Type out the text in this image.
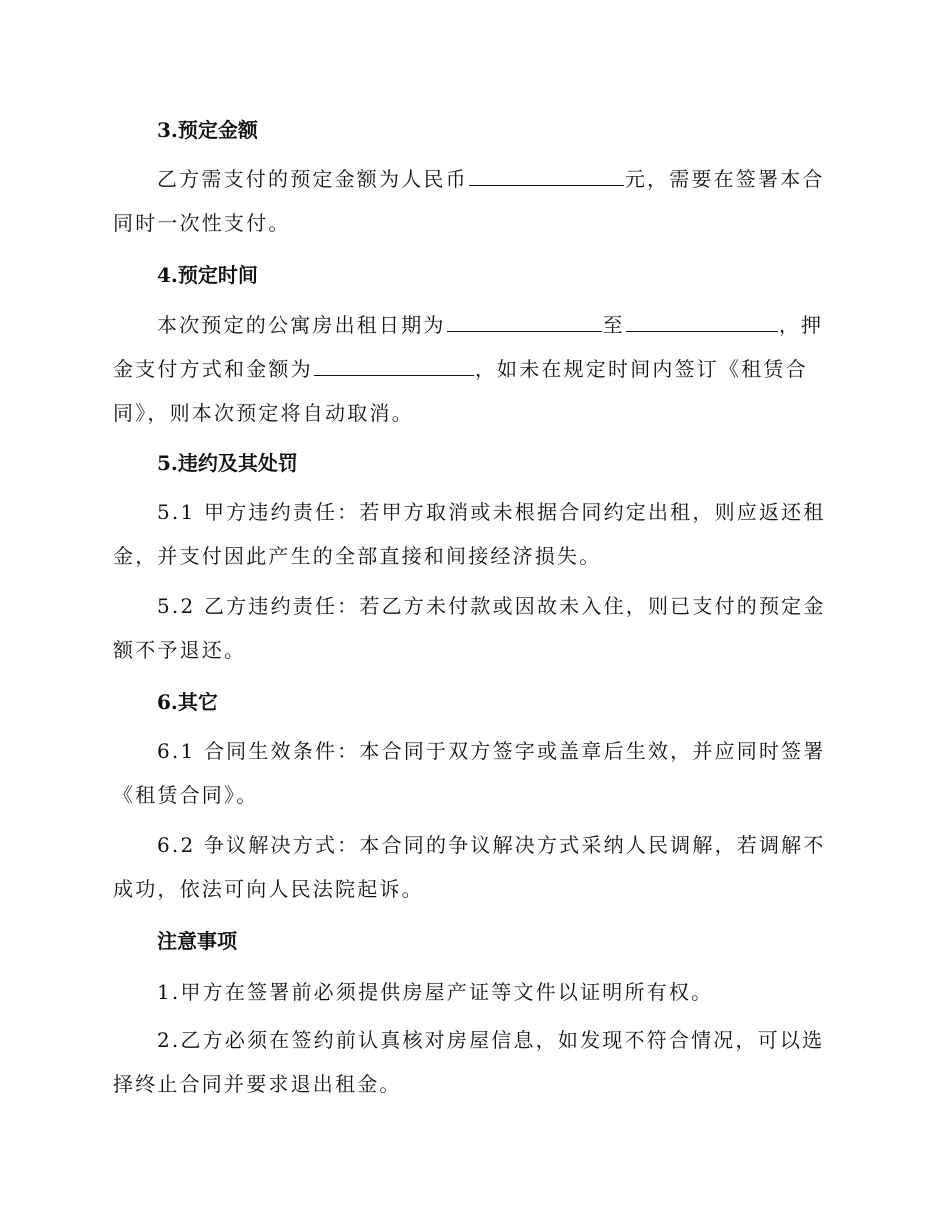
3.预定金额

乙方需支付的预定金额为人民币	元，需要在签署本合同时一次性支付。

4.预定时间

本次预定的公寓房出租日期为	至	，押金支付方式和金额为	，如未在规定时间内签订《租赁合同》，则本次预定将自动取消。

5.违约及其处罚

5.1 甲方违约责任：若甲方取消或未根据合同约定出租，则应返还租金，并支付因此产生的全部直接和间接经济损失。

5.2 乙方违约责任：若乙方未付款或因故未入住，则已支付的预定金额不予退还。

6.其它

6.1 合同生效条件：本合同于双方签字或盖章后生效，并应同时签署《租赁合同》。

6.2 争议解决方式：本合同的争议解决方式采纳人民调解，若调解不成功，依法可向人民法院起诉。

注意事项

1.甲方在签署前必须提供房屋产证等文件以证明所有权。

2.乙方必须在签约前认真核对房屋信息，如发现不符合情况，可以选择终止合同并要求退出租金。
